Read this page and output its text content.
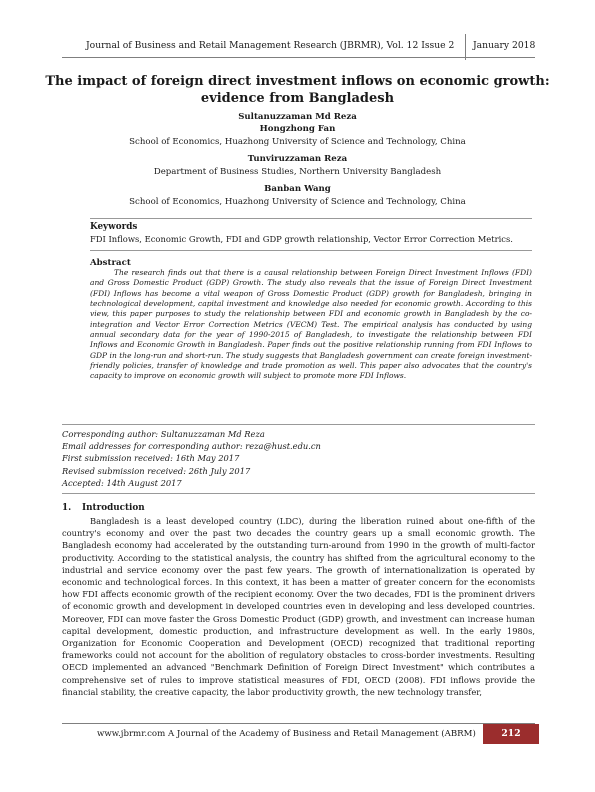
Journal of Business and Retail Management Research (JBRMR), Vol. 12 Issue 2 January 2018
The impact of foreign direct investment inflows on economic growth: evidence from Bangladesh
Sultanuzzaman Md Reza
Hongzhong Fan
School of Economics, Huazhong University of Science and Technology, China
Tunviruzzaman Reza
Department of Business Studies, Northern University Bangladesh
Banban Wang
School of Economics, Huazhong University of Science and Technology, China
Keywords
FDI Inflows, Economic Growth, FDI and GDP growth relationship, Vector Error Correction Metrics.
Abstract
The research finds out that there is a causal relationship between Foreign Direct Investment Inflows (FDI) and Gross Domestic Product (GDP) Growth. The study also reveals that the issue of Foreign Direct Investment (FDI) Inflows has become a vital weapon of Gross Domestic Product (GDP) growth for Bangladesh, bringing in technological development, capital investment and knowledge also needed for economic growth. According to this view, this paper purposes to study the relationship between FDI and economic growth in Bangladesh by the co-integration and Vector Error Correction Metrics (VECM) Test. The empirical analysis has conducted by using annual secondary data for the year of 1990-2015 of Bangladesh, to investigate the relationship between FDI Inflows and Economic Growth in Bangladesh. Paper finds out the positive relationship running from FDI Inflows to GDP in the long-run and short-run. The study suggests that Bangladesh government can create foreign investment-friendly policies, transfer of knowledge and trade promotion as well. This paper also advocates that the country's capacity to improve on economic growth will subject to promote more FDI Inflows.
Corresponding author: Sultanuzzaman Md Reza
Email addresses for corresponding author: reza@hust.edu.cn
First submission received: 16th May 2017
Revised submission received: 26th July 2017
Accepted: 14th August 2017
1. Introduction
Bangladesh is a least developed country (LDC), during the liberation ruined about one-fifth of the country's economy and over the past two decades the country gears up a small economic growth. The Bangladesh economy had accelerated by the outstanding turn-around from 1990 in the growth of multi-factor productivity. According to the statistical analysis, the country has shifted from the agricultural economy to the industrial and service economy over the past few years. The growth of internationalization is operated by economic and technological forces. In this context, it has been a matter of greater concern for the economists how FDI affects economic growth of the recipient economy. Over the two decades, FDI is the prominent drivers of economic growth and development in developed countries even in developing and less developed countries. Moreover, FDI can move faster the Gross Domestic Product (GDP) growth, and investment can increase human capital development, domestic production, and infrastructure development as well. In the early 1980s, Organization for Economic Cooperation and Development (OECD) recognized that traditional reporting frameworks could not account for the abolition of regulatory obstacles to cross-border investments. Resulting OECD implemented an advanced "Benchmark Definition of Foreign Direct Investment" which contributes a comprehensive set of rules to improve statistical measures of FDI, OECD (2008). FDI inflows provide the financial stability, the creative capacity, the labor productivity growth, the new technology transfer,
www.jbrmr.com A Journal of the Academy of Business and Retail Management (ABRM)	212
